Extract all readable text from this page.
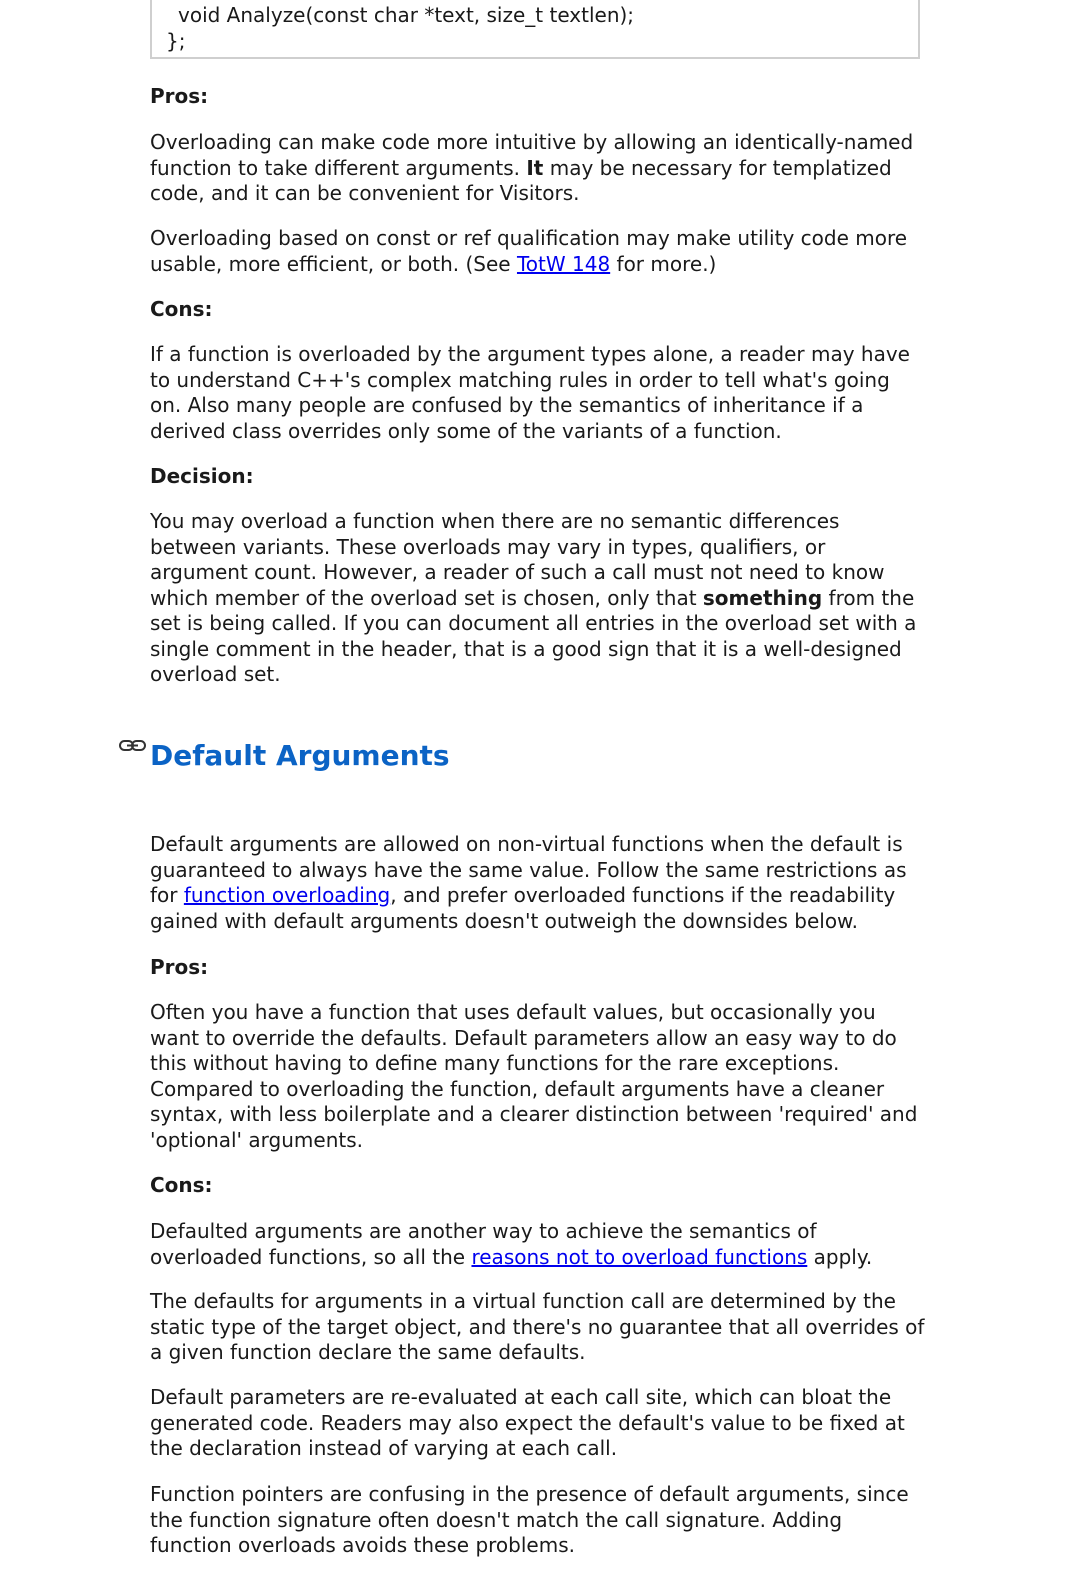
void Analyze(const char *text, size_t textlen);
};

Pros:

Overloading can make code more intuitive by allowing an identically-named function to take different arguments. It may be necessary for templatized code, and it can be convenient for Visitors.

Overloading based on const or ref qualification may make utility code more usable, more efficient, or both. (See TotW 148 for more.)

Cons:

If a function is overloaded by the argument types alone, a reader may have to understand C++'s complex matching rules in order to tell what's going on. Also many people are confused by the semantics of inheritance if a derived class overrides only some of the variants of a function.

Decision:

You may overload a function when there are no semantic differences between variants. These overloads may vary in types, qualifiers, or argument count. However, a reader of such a call must not need to know which member of the overload set is chosen, only that something from the set is being called. If you can document all entries in the overload set with a single comment in the header, that is a good sign that it is a well-designed overload set.

Default Arguments

Default arguments are allowed on non-virtual functions when the default is guaranteed to always have the same value. Follow the same restrictions as for function overloading, and prefer overloaded functions if the readability gained with default arguments doesn't outweigh the downsides below.

Pros:

Often you have a function that uses default values, but occasionally you want to override the defaults. Default parameters allow an easy way to do this without having to define many functions for the rare exceptions. Compared to overloading the function, default arguments have a cleaner syntax, with less boilerplate and a clearer distinction between 'required' and 'optional' arguments.

Cons:

Defaulted arguments are another way to achieve the semantics of overloaded functions, so all the reasons not to overload functions apply.

The defaults for arguments in a virtual function call are determined by the static type of the target object, and there's no guarantee that all overrides of a given function declare the same defaults.

Default parameters are re-evaluated at each call site, which can bloat the generated code. Readers may also expect the default's value to be fixed at the declaration instead of varying at each call.

Function pointers are confusing in the presence of default arguments, since the function signature often doesn't match the call signature. Adding function overloads avoids these problems.
